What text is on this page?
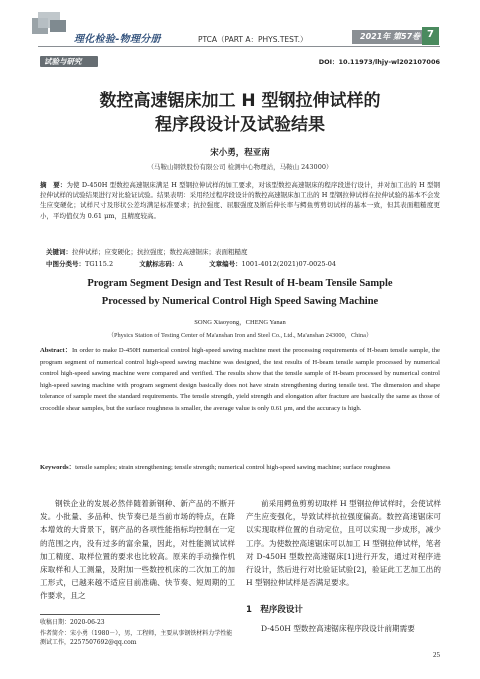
理化检验-物理分册	PTCA（PART A：PHYS.TEST.）	2021年 第57卷 7
试验与研究	DOI：10.11973/lhjy-wl202107006
数控高速锯床加工 H 型钢拉伸试样的
程序段设计及试验结果
宋小勇，程亚南
（马鞍山钢铁股份有限公司 检测中心物理站，马鞍山 243000）
摘　要：为使 D-450H 型数控高速锯床满足 H 型钢拉伸试样的加工要求，对该型数控高速锯床的程序段进行设计，并对加工出的 H 型钢拉伸试样的试验结果进行对比验证试验。结果表明：采用经过程序段设计的数控高速锯床加工出的 H 型钢拉伸试样在拉伸试验的基本不会发生应变硬化；试样尺寸及形状公差均满足标准要求；抗拉强度、屈服强度及断后伸长率与鳄鱼剪剪切试样的基本一致，但其表面粗糙度更小，平均值仅为 0.61 μm，且精度较高。
关键词：拉伸试样；应变硬化；抗拉强度；数控高速锯床；表面粗糙度
中图分类号：TG115.2	文献标志码：A	文章编号：1001-4012(2021)07-0025-04
Program Segment Design and Test Result of H-beam Tensile Sample
Processed by Numerical Control High Speed Sawing Machine
SONG Xiaoyong，CHENG Yanan
（Physics Station of Testing Center of Ma'anshan Iron and Steel Co., Ltd., Ma'anshan 243000，China）
Abstract：In order to make D-450H numerical control high-speed sawing machine meet the processing requirements of H-beam tensile sample, the program segment of numerical control high-speed sawing machine was designed, the test results of H-beam tensile sample processed by numerical control high-speed sawing machine were compared and verified. The results show that the tensile sample of H-beam processed by numerical control high-speed sawing machine with program segment design basically does not have strain strengthening during tensile test. The dimension and shape tolerance of sample meet the standard requirements. The tensile strength, yield strength and elongation after fracture are basically the same as those of crocodile shear samples, but the surface roughness is smaller, the average value is only 0.61 μm, and the accuracy is high.
Keywords：tensile samples; strain strengthening; tensile strength; numerical control high-speed sawing machine; surface roughness

钢铁企业的发展必然伴随着新钢种、新产品的不断开发。小批量、多品种、快节奏已是当前市场的特点，在降本增效的大背景下，钢产品的各项性能指标均控制在一定的范围之内，没有过多的富余量，因此，对性能测试试样加工精度、取样位置的要求也比较高。原来的手动操作机床取样和人工测量，及附加一些数控机床的二次加工的加工形式，已越来越不适应目前准确、快节奏、短周期的工作要求，且之

前采用鳄鱼剪剪切取样 H 型钢拉伸试样时，会使试样产生应变强化，导致试样抗拉强度偏高。数控高速锯床可以实现取样位置的自动定位，且可以实现一步成形，减少工序。为使数控高速锯床可以加工 H 型钢拉伸试样，笔者对 D-450H 型数控高速锯床[1]进行开发，通过对程序进行设计，然后进行对比验证试验[2]，验证此工艺加工出的 H 型钢拉伸试样是否满足要求。

1　程序段设计
D-450H 型数控高速锯床程序段设计前期需要
收稿日期：2020-06-23
作者简介：宋小勇（1980－），男，工程师，主要从事钢铁材料力学性能测试工作，2257507692@qq.com
25
